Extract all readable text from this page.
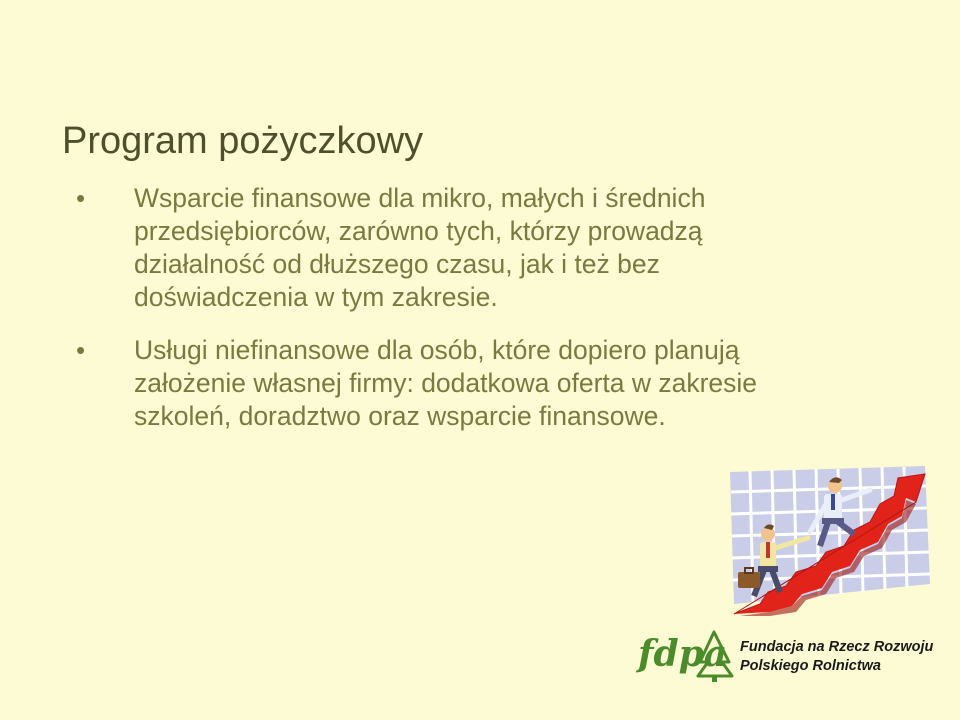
Program pożyczkowy
• Wsparcie finansowe dla mikro, małych i średnich przedsiębiorców, zarówno tych, którzy prowadzą działalność od dłuższego czasu, jak i też bez doświadczenia w tym zakresie.
• Usługi niefinansowe dla osób, które dopiero planują założenie własnej firmy: dodatkowa oferta w zakresie szkoleń, doradztwo oraz wsparcie finansowe.
fdpa Fundacja na Rzecz Rozwoju
Polskiego Rolnictwa
